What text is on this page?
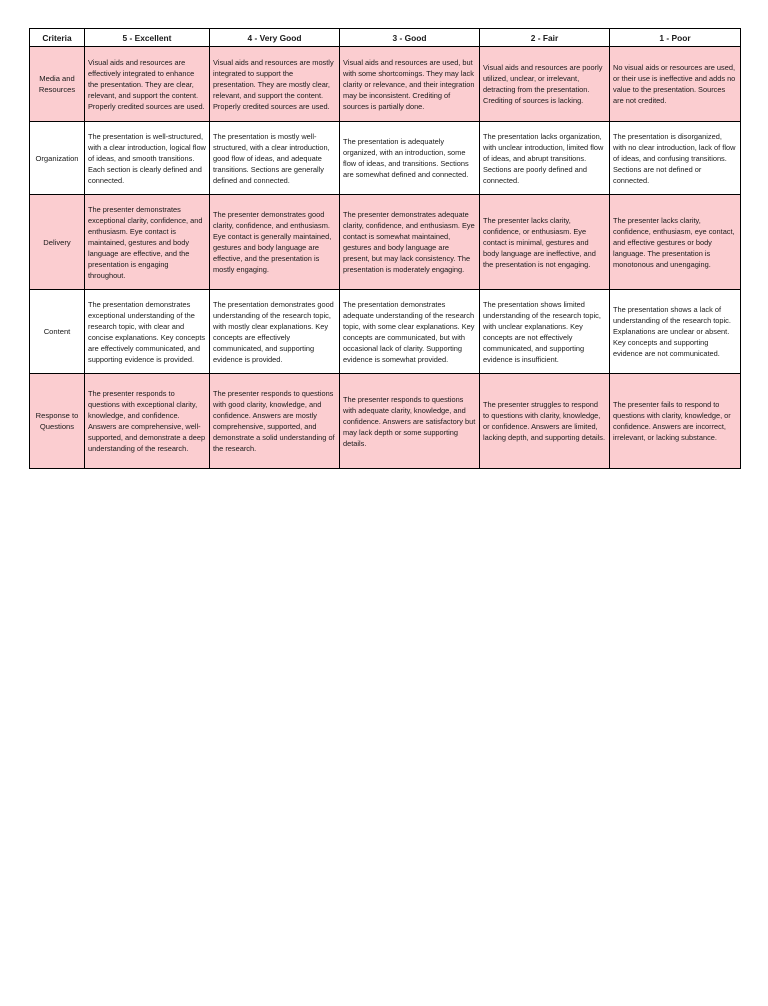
Criteria	5 - Excellent	4 - Very Good	3 - Good	2 - Fair	1 - Poor
Media and Resources	Visual aids and resources are effectively integrated to enhance the presentation. They are clear, relevant, and support the content. Properly credited sources are used.	Visual aids and resources are mostly integrated to support the presentation. They are mostly clear, relevant, and support the content. Properly credited sources are used.	Visual aids and resources are used, but with some shortcomings. They may lack clarity or relevance, and their integration may be inconsistent. Crediting of sources is partially done.	Visual aids and resources are poorly utilized, unclear, or irrelevant, detracting from the presentation. Crediting of sources is lacking.	No visual aids or resources are used, or their use is ineffective and adds no value to the presentation. Sources are not credited.
Organization	The presentation is well-structured, with a clear introduction, logical flow of ideas, and smooth transitions. Each section is clearly defined and connected.	The presentation is mostly well-structured, with a clear introduction, good flow of ideas, and adequate transitions. Sections are generally defined and connected.	The presentation is adequately organized, with an introduction, some flow of ideas, and transitions. Sections are somewhat defined and connected.	The presentation lacks organization, with unclear introduction, limited flow of ideas, and abrupt transitions. Sections are poorly defined and connected.	The presentation is disorganized, with no clear introduction, lack of flow of ideas, and confusing transitions. Sections are not defined or connected.
Delivery	The presenter demonstrates exceptional clarity, confidence, and enthusiasm. Eye contact is maintained, gestures and body language are effective, and the presentation is engaging throughout.	The presenter demonstrates good clarity, confidence, and enthusiasm. Eye contact is generally maintained, gestures and body language are effective, and the presentation is mostly engaging.	The presenter demonstrates adequate clarity, confidence, and enthusiasm. Eye contact is somewhat maintained, gestures and body language are present, but may lack consistency. The presentation is moderately engaging.	The presenter lacks clarity, confidence, or enthusiasm. Eye contact is minimal, gestures and body language are ineffective, and the presentation is not engaging.	The presenter lacks clarity, confidence, enthusiasm, eye contact, and effective gestures or body language. The presentation is monotonous and unengaging.
Content	The presentation demonstrates exceptional understanding of the research topic, with clear and concise explanations. Key concepts are effectively communicated, and supporting evidence is provided.	The presentation demonstrates good understanding of the research topic, with mostly clear explanations. Key concepts are effectively communicated, and supporting evidence is provided.	The presentation demonstrates adequate understanding of the research topic, with some clear explanations. Key concepts are communicated, but with occasional lack of clarity. Supporting evidence is somewhat provided.	The presentation shows limited understanding of the research topic, with unclear explanations. Key concepts are not effectively communicated, and supporting evidence is insufficient.	The presentation shows a lack of understanding of the research topic. Explanations are unclear or absent. Key concepts and supporting evidence are not communicated.
Response to Questions	The presenter responds to questions with exceptional clarity, knowledge, and confidence. Answers are comprehensive, well-supported, and demonstrate a deep understanding of the research.	The presenter responds to questions with good clarity, knowledge, and confidence. Answers are mostly comprehensive, supported, and demonstrate a solid understanding of the research.	The presenter responds to questions with adequate clarity, knowledge, and confidence. Answers are satisfactory but may lack depth or some supporting details.	The presenter struggles to respond to questions with clarity, knowledge, or confidence. Answers are limited, lacking depth, and supporting details.	The presenter fails to respond to questions with clarity, knowledge, or confidence. Answers are incorrect, irrelevant, or lacking substance.
